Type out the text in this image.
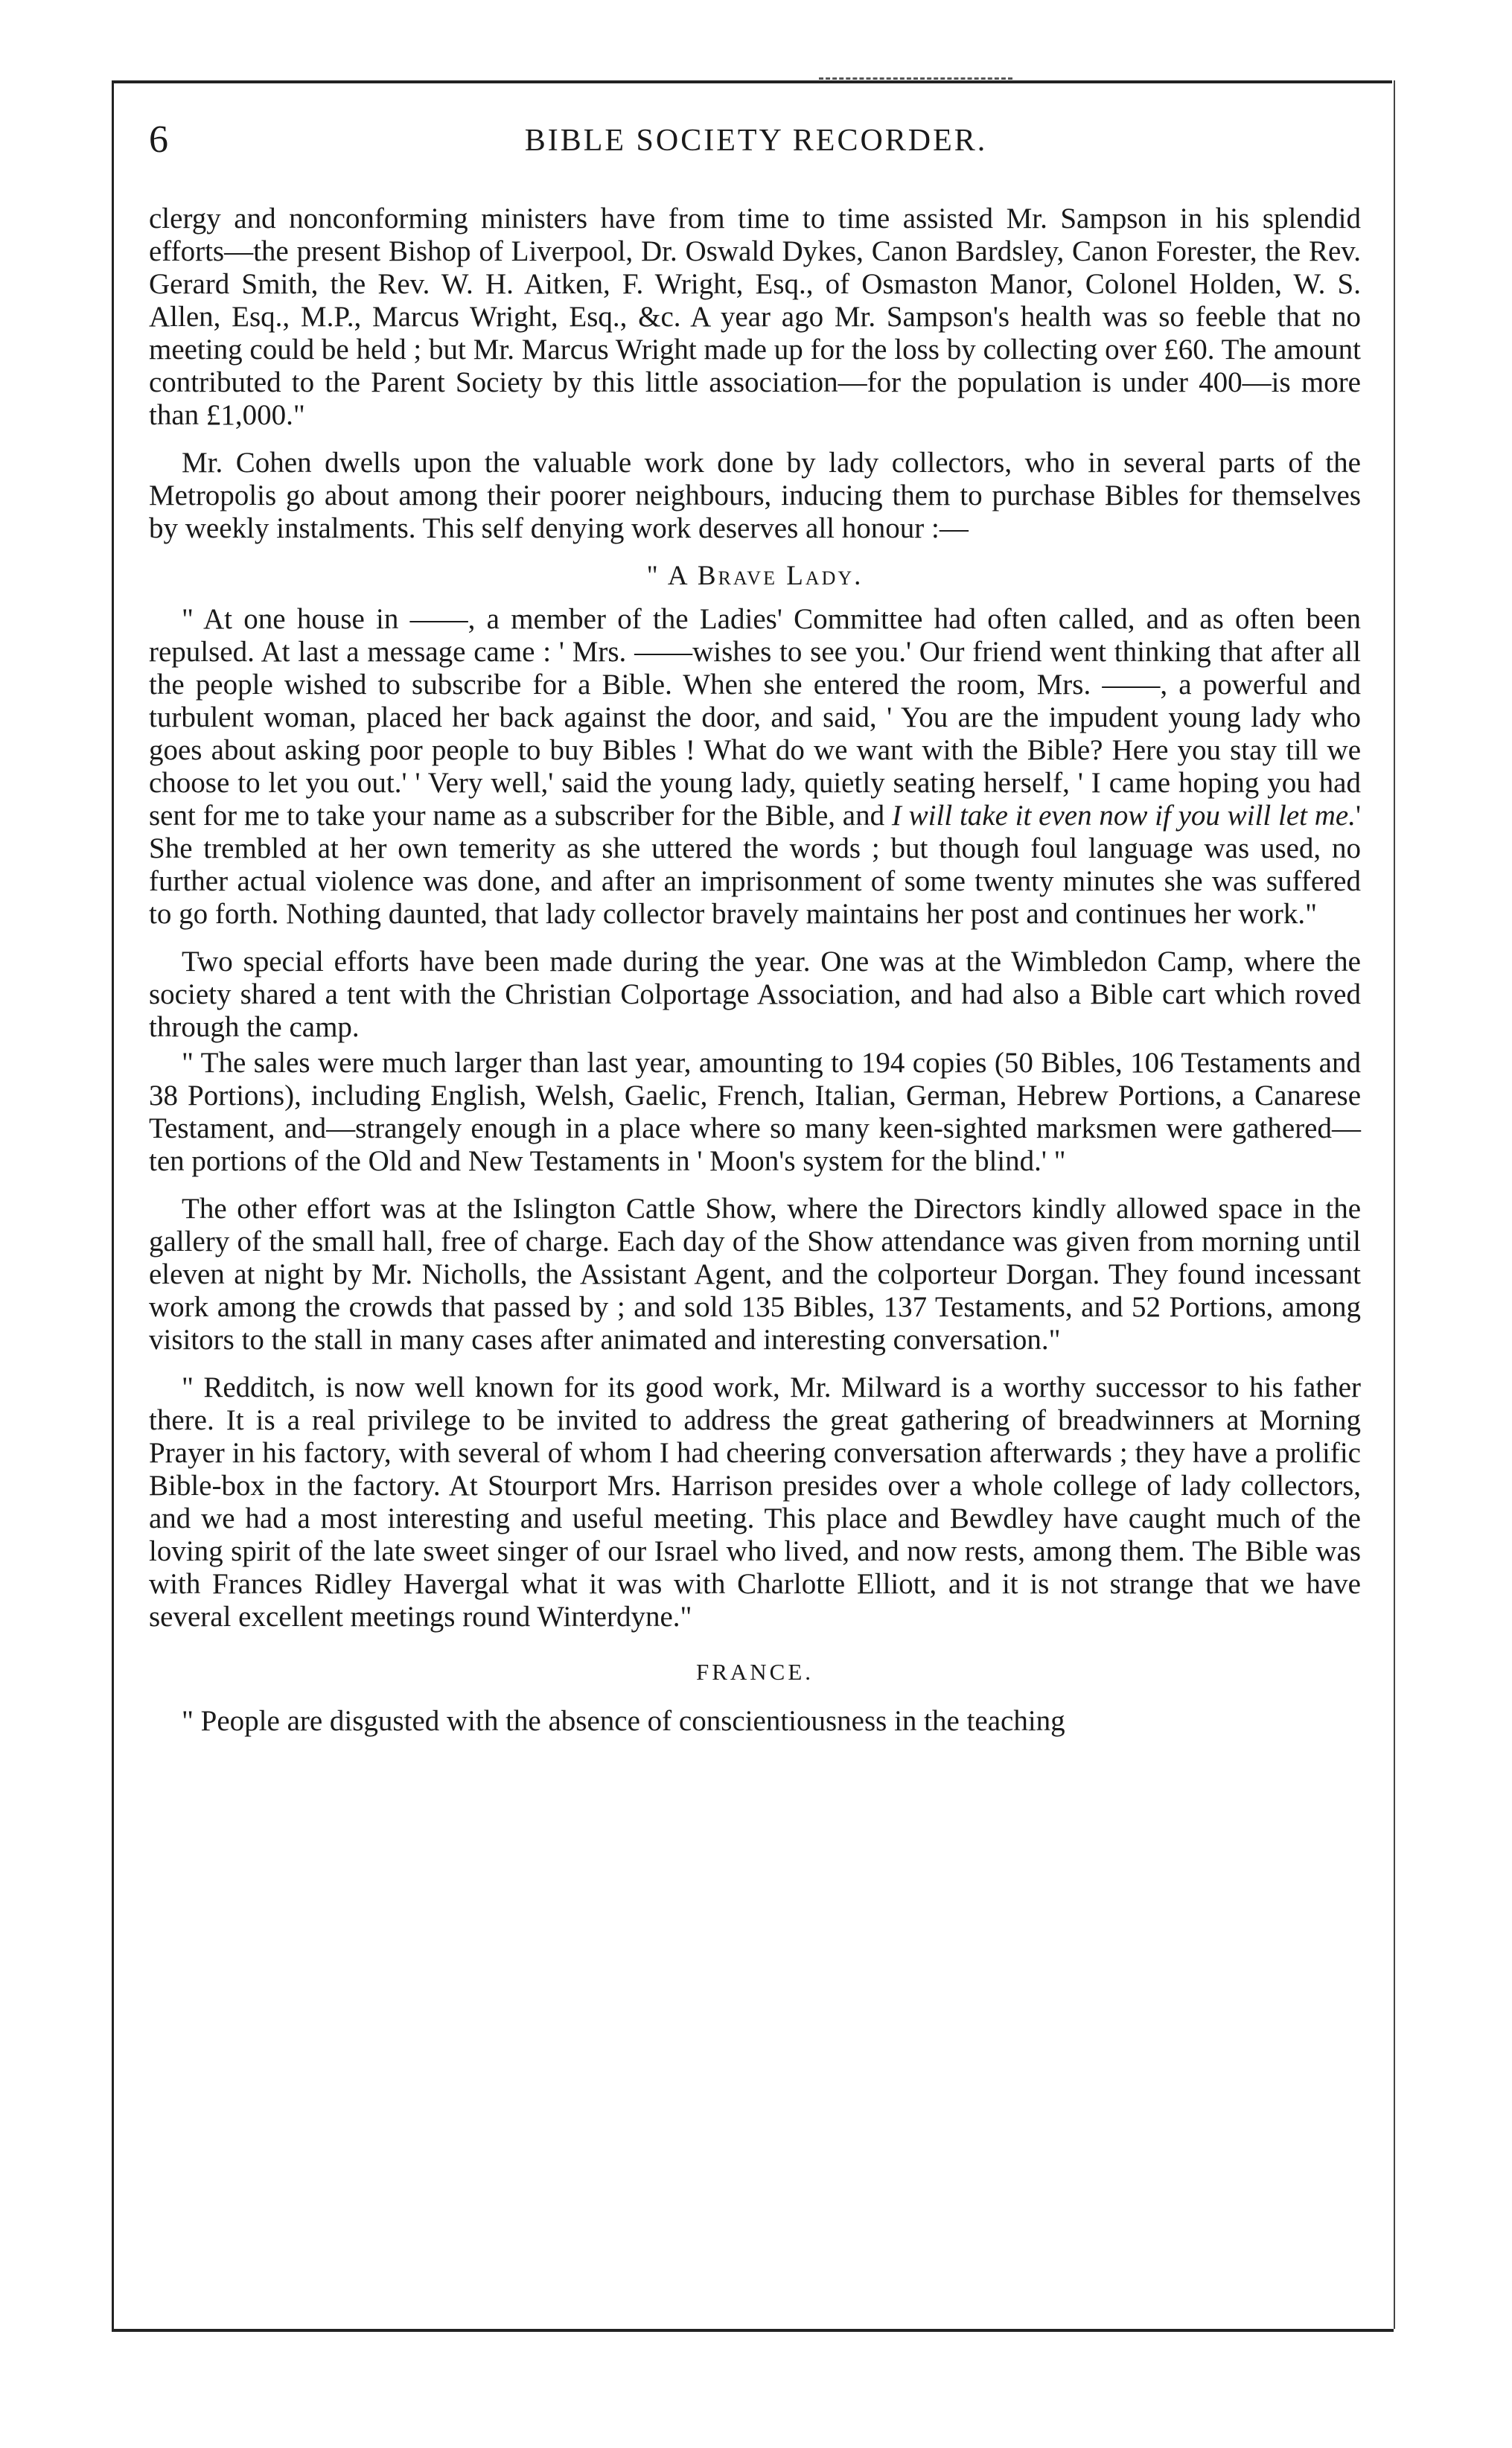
6	BIBLE SOCIETY RECORDER.

clergy and nonconforming ministers have from time to time assisted Mr. Sampson in his splendid efforts—the present Bishop of Liverpool, Dr. Oswald Dykes, Canon Bardsley, Canon Forester, the Rev. Gerard Smith, the Rev. W. H. Aitken, F. Wright, Esq., of Osmaston Manor, Colonel Holden, W. S. Allen, Esq., M.P., Marcus Wright, Esq., &c. A year ago Mr. Sampson's health was so feeble that no meeting could be held ; but Mr. Marcus Wright made up for the loss by collecting over £60. The amount contributed to the Parent Society by this little association—for the population is under 400—is more than £1,000."

Mr. Cohen dwells upon the valuable work done by lady collectors, who in several parts of the Metropolis go about among their poorer neighbours, inducing them to purchase Bibles for themselves by weekly instalments. This self denying work deserves all honour :—

" A Brave Lady.

" At one house in ——, a member of the Ladies' Committee had often called, and as often been repulsed. At last a message came : ' Mrs. ——wishes to see you.' Our friend went thinking that after all the people wished to subscribe for a Bible. When she entered the room, Mrs. ——, a powerful and turbulent woman, placed her back against the door, and said, ' You are the impudent young lady who goes about asking poor people to buy Bibles ! What do we want with the Bible? Here you stay till we choose to let you out.' ' Very well,' said the young lady, quietly seating herself, ' I came hoping you had sent for me to take your name as a subscriber for the Bible, and I will take it even now if you will let me.' She trembled at her own temerity as she uttered the words ; but though foul language was used, no further actual violence was done, and after an imprisonment of some twenty minutes she was suffered to go forth. Nothing daunted, that lady collector bravely maintains her post and continues her work."

Two special efforts have been made during the year. One was at the Wimbledon Camp, where the society shared a tent with the Christian Colportage Association, and had also a Bible cart which roved through the camp.

" The sales were much larger than last year, amounting to 194 copies (50 Bibles, 106 Testaments and 38 Portions), including English, Welsh, Gaelic, French, Italian, German, Hebrew Portions, a Canarese Testament, and—strangely enough in a place where so many keen-sighted marksmen were gathered—ten portions of the Old and New Testaments in ' Moon's system for the blind.' "

The other effort was at the Islington Cattle Show, where the Directors kindly allowed space in the gallery of the small hall, free of charge. Each day of the Show attendance was given from morning until eleven at night by Mr. Nicholls, the Assistant Agent, and the colporteur Dorgan. They found incessant work among the crowds that passed by ; and sold 135 Bibles, 137 Testaments, and 52 Portions, among visitors to the stall in many cases after animated and interesting conversation."

" Redditch, is now well known for its good work, Mr. Milward is a worthy successor to his father there. It is a real privilege to be invited to address the great gathering of breadwinners at Morning Prayer in his factory, with several of whom I had cheering conversation afterwards ; they have a prolific Bible-box in the factory. At Stourport Mrs. Harrison presides over a whole college of lady collectors, and we had a most interesting and useful meeting. This place and Bewdley have caught much of the loving spirit of the late sweet singer of our Israel who lived, and now rests, among them. The Bible was with Frances Ridley Havergal what it was with Charlotte Elliott, and it is not strange that we have several excellent meetings round Winterdyne."

FRANCE.

" People are disgusted with the absence of conscientiousness in the teaching
